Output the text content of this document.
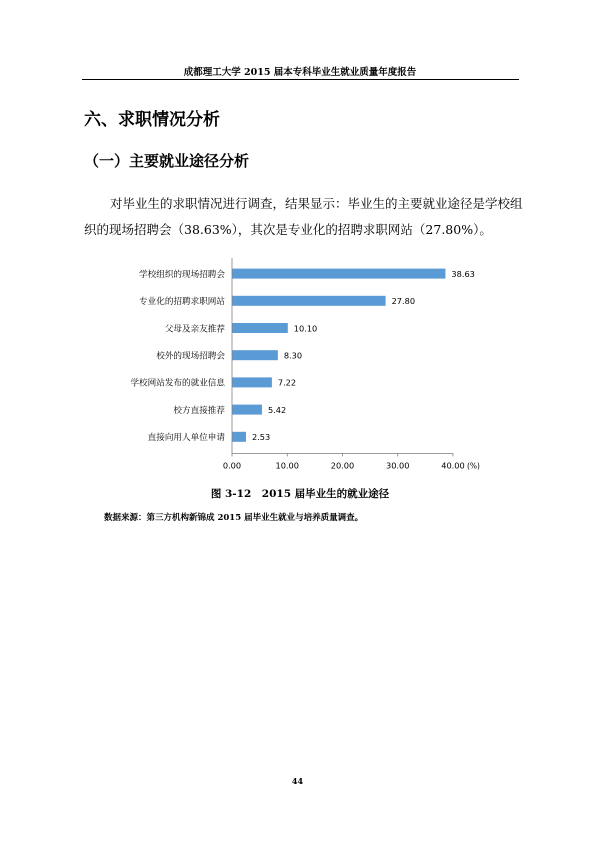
成都理工大学 2015 届本专科毕业生就业质量年度报告
六、求职情况分析
（一）主要就业途径分析
对毕业生的求职情况进行调查，结果显示：毕业生的主要就业途径是学校组织的现场招聘会（38.63%），其次是专业化的招聘求职网站（27.80%）。
学校组织的现场招聘会	38.63
专业化的招聘求职网站	27.80
父母及亲友推荐	10.10
校外的现场招聘会	8.30
学校网站发布的就业信息	7.22
校方直接推荐	5.42
直接向用人单位申请	2.53
0.00	10.00	20.00	30.00	40.00 (%)
图 3-12　2015 届毕业生的就业途径
数据来源：第三方机构新锦成 2015 届毕业生就业与培养质量调查。
44
